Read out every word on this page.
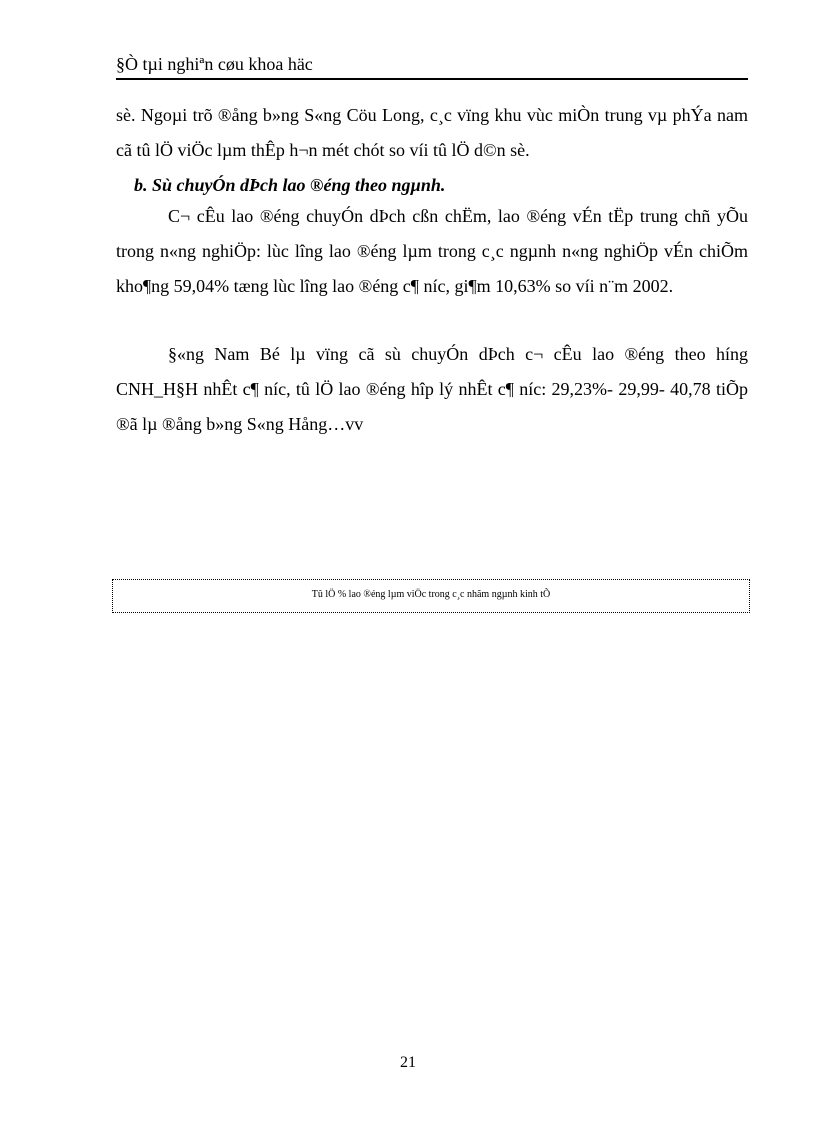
§Ò tµi nghiªn cøu khoa häc

sè. Ngoµi trõ ®ång b»ng S«ng Cöu Long, c¸c vïng khu vùc miÒn trung vµ phÝa nam cã tû lÖ viÖc lµm thÊp h¬n mét chót so víi tû lÖ d©n sè.

b. Sù chuyÓn dÞch lao ®éng theo ngµnh.

C¬ cÊu lao ®éng chuyÓn dÞch cßn chËm, lao ®éng vÉn tËp trung chñ yÕu trong n«ng nghiÖp: lùc lîng lao ®éng lµm trong c¸c ngµnh n«ng nghiÖp vÉn chiÕm kho¶ng 59,04% tæng lùc lîng lao ®éng c¶ níc, gi¶m 10,63% so víi n¨m 2002.

§«ng Nam Bé lµ vïng cã sù chuyÓn dÞch c¬ cÊu lao ®éng theo híng CNH_H§H nhÊt c¶ níc, tû lÖ lao ®éng hîp lý nhÊt c¶ níc: 29,23%- 29,99- 40,78 tiÕp ®ã lµ ®ång b»ng S«ng Hång…vv

Tû lÖ % lao ®éng lµm viÖc trong c¸c nhãm ngµnh kinh tÕ
21
